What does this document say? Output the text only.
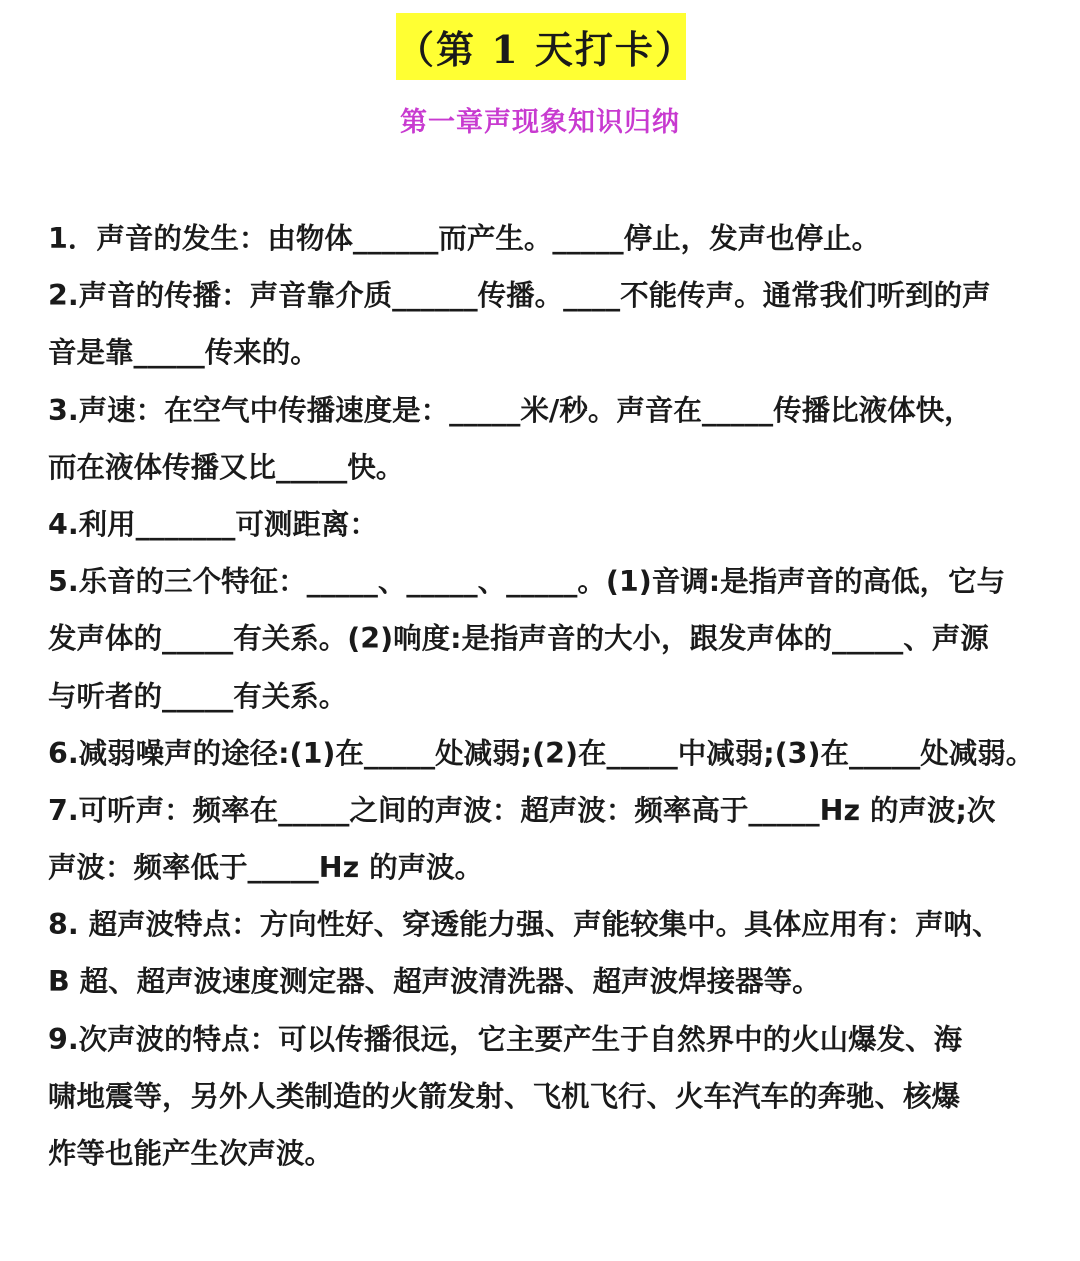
（第 1 天打卡）
第一章声现象知识归纳
1．声音的发生：由物体______而产生。_____停止，发声也停止。
2.声音的传播：声音靠介质______传播。____不能传声。通常我们听到的声
音是靠_____传来的。
3.声速：在空气中传播速度是：_____米/秒。声音在_____传播比液体快，
而在液体传播又比_____快。
4.利用_______可测距离：
5.乐音的三个特征：_____、_____、_____。(1)音调:是指声音的高低，它与
发声体的_____有关系。(2)响度:是指声音的大小，跟发声体的_____、声源
与听者的_____有关系。
6.减弱噪声的途径:(1)在_____处减弱;(2)在_____中减弱;(3)在_____处减弱。
7.可听声：频率在_____之间的声波：超声波：频率高于_____Hz 的声波;次
声波：频率低于_____Hz 的声波。
8. 超声波特点：方向性好、穿透能力强、声能较集中。具体应用有：声呐、
B 超、超声波速度测定器、超声波清洗器、超声波焊接器等。
9.次声波的特点：可以传播很远，它主要产生于自然界中的火山爆发、海
啸地震等，另外人类制造的火箭发射、飞机飞行、火车汽车的奔驰、核爆
炸等也能产生次声波。
